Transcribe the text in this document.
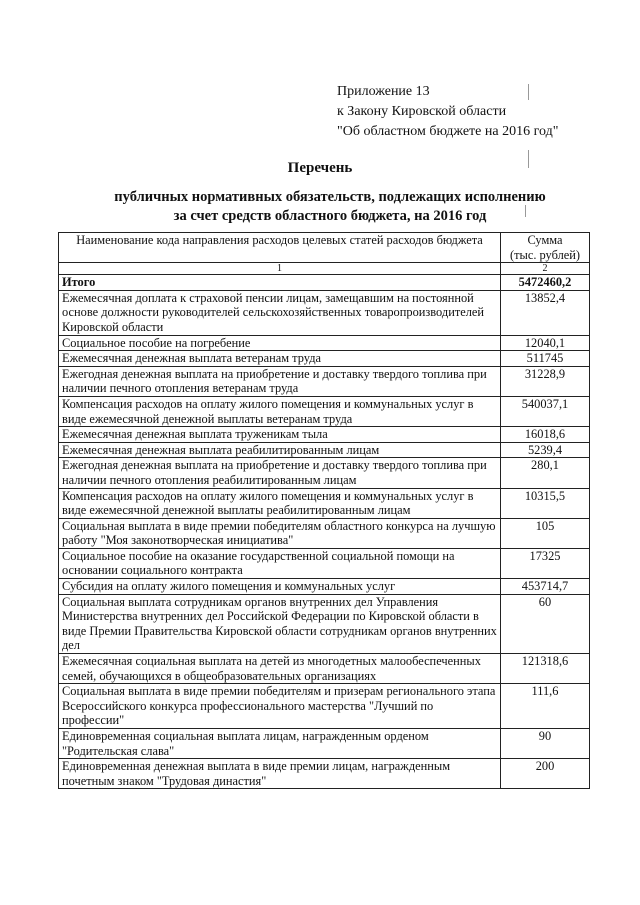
Приложение 13
к Закону Кировской области
"Об областном бюджете на 2016 год"
Перечень
публичных нормативных обязательств, подлежащих исполнению
за счет средств областного бюджета, на 2016 год
Наименование кода направления расходов целевых статей расходов бюджета	Сумма
(тыс. рублей)

1	2
Итого	5472460,2
Ежемесячная доплата к страховой пенсии лицам, замещавшим на постоянной основе должности руководителей сельскохозяйственных товаропроизводителей Кировской области	13852,4
Социальное пособие на погребение	12040,1
Ежемесячная денежная выплата ветеранам труда	511745
Ежегодная денежная выплата на приобретение и доставку твердого топлива при наличии печного отопления ветеранам труда	31228,9
Компенсация расходов на оплату жилого помещения и коммунальных услуг в виде ежемесячной денежной выплаты ветеранам труда	540037,1
Ежемесячная денежная выплата труженикам тыла	16018,6
Ежемесячная денежная выплата реабилитированным лицам	5239,4
Ежегодная денежная выплата на приобретение и доставку твердого топлива при наличии печного отопления реабилитированным лицам	280,1
Компенсация расходов на оплату жилого помещения и коммунальных услуг в виде ежемесячной денежной выплаты реабилитированным лицам	10315,5
Социальная выплата в виде премии победителям областного конкурса на лучшую работу "Моя законотворческая инициатива"	105
Социальное пособие на оказание государственной социальной помощи на основании социального контракта	17325
Субсидия на оплату жилого помещения и коммунальных услуг	453714,7
Социальная выплата сотрудникам органов внутренних дел Управления Министерства внутренних дел Российской Федерации по Кировской области в виде Премии Правительства Кировской области сотрудникам органов внутренних дел	60
Ежемесячная социальная выплата на детей из многодетных малообеспеченных семей, обучающихся в общеобразовательных организациях	121318,6
Социальная выплата в виде премии победителям и призерам регионального этапа Всероссийского конкурса профессионального мастерства "Лучший по профессии"	111,6
Единовременная социальная выплата лицам, награжденным орденом "Родительская слава"	90
Единовременная денежная выплата в виде премии лицам, награжденным почетным знаком "Трудовая династия"	200
